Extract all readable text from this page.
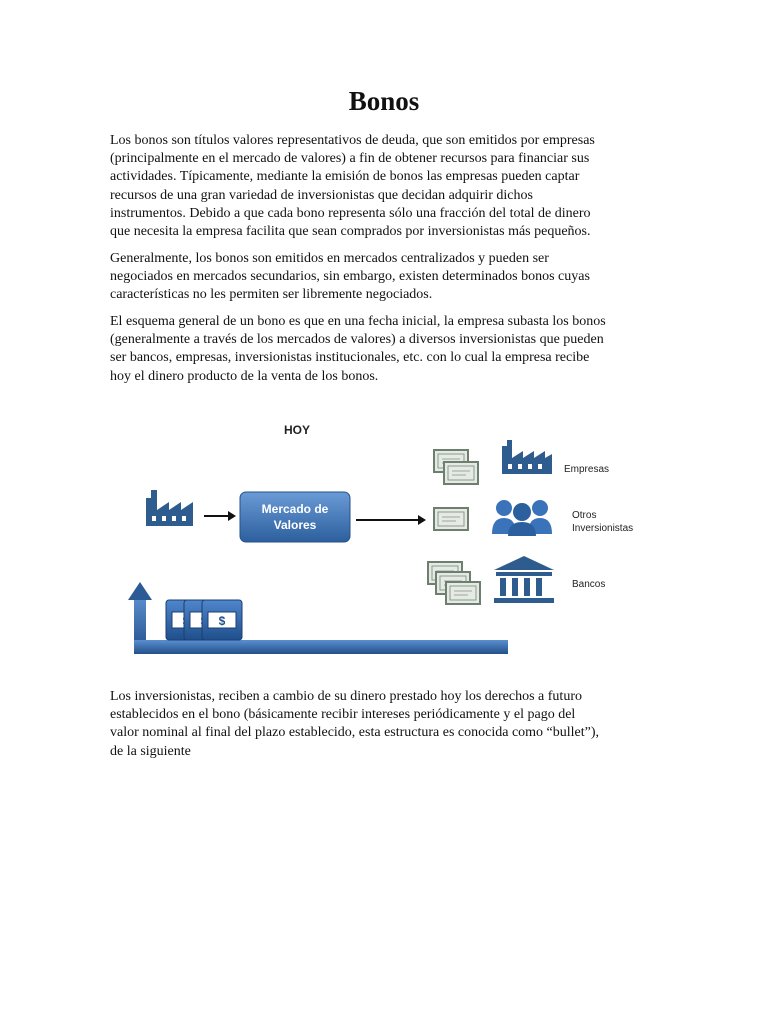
Bonos
Los bonos son títulos valores representativos de deuda, que son emitidos por empresas
(principalmente en el mercado de valores) a fin de obtener recursos para financiar sus
actividades. Típicamente, mediante la emisión de bonos las empresas pueden captar
recursos de una gran variedad de inversionistas que decidan adquirir dichos
instrumentos. Debido a que cada bono representa sólo una fracción del total de dinero
que necesita la empresa facilita que sean comprados por inversionistas más pequeños.
Generalmente, los bonos son emitidos en mercados centralizados y pueden ser
negociados en mercados secundarios, sin embargo, existen determinados bonos cuyas
características no les permiten ser libremente negociados.
El esquema general de un bono es que en una fecha inicial, la empresa subasta los bonos
(generalmente a través de los mercados de valores) a diversos inversionistas que pueden
ser bancos, empresas, inversionistas institucionales, etc. con lo cual la empresa recibe
hoy el dinero producto de la venta de los bonos.
HOY
Mercado de
Valores
Empresas
Otros
Inversionistas
Bancos
$
Los inversionistas, reciben a cambio de su dinero prestado hoy los derechos a futuro
establecidos en el bono (básicamente recibir intereses periódicamente y el pago del
valor nominal al final del plazo establecido, esta estructura es conocida como “bullet”),
de la siguiente
